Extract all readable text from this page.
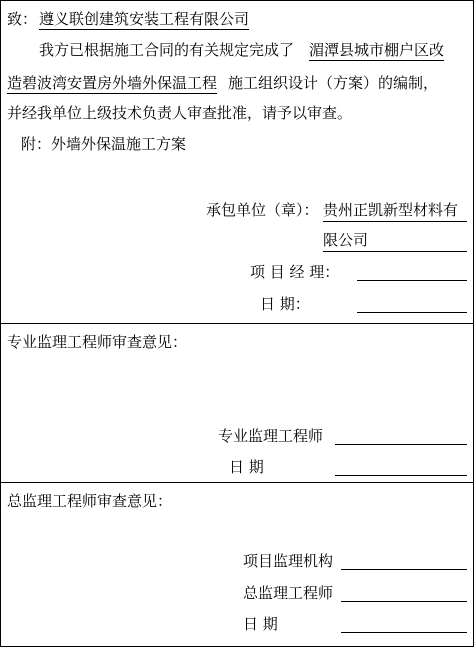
致： 遵义联创建筑安装工程有限公司
我方已根据施工合同的有关规定完成了 湄潭县城市棚户区改
造碧波湾安置房外墙外保温工程 施工组织设计（方案）的编制，
并经我单位上级技术负责人审查批准，请予以审查。
附：外墙外保温施工方案
承包单位（章）： 贵州正凯新型材料有
限公司
项 目 经 理：
日 期：
专业监理工程师审查意见：
专业监理工程师
日 期
总监理工程师审查意见：
项目监理机构
总监理工程师
日 期
